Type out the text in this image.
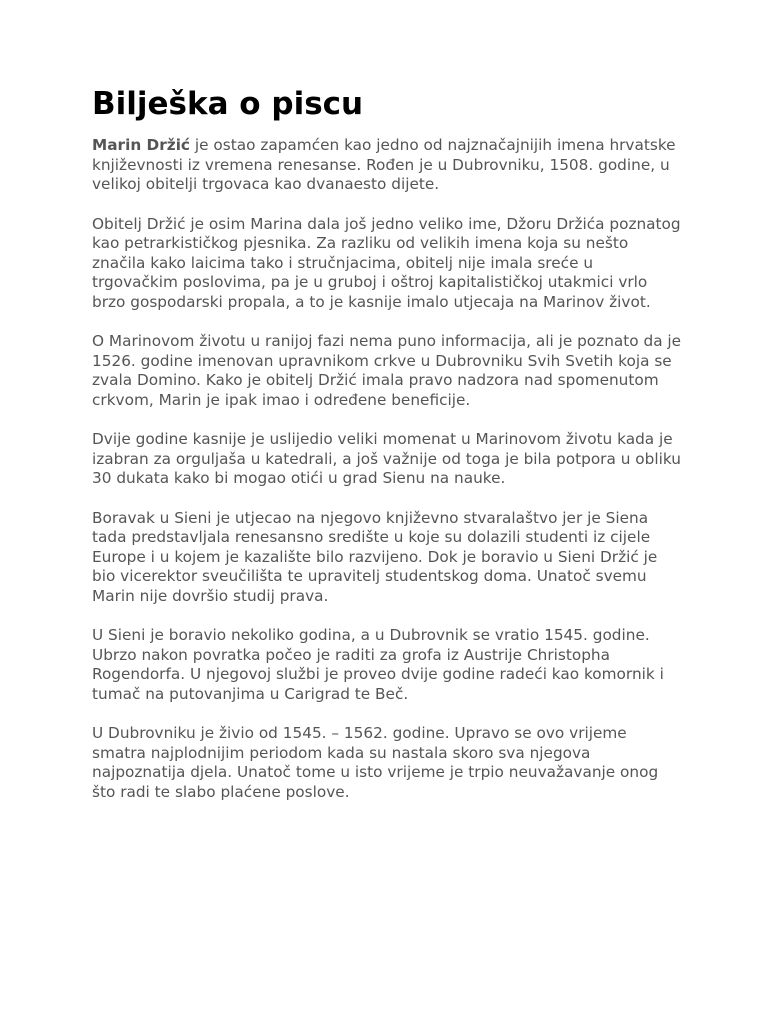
Bilješka o piscu

Marin Držić je ostao zapamćen kao jedno od najznačajnijih imena hrvatske književnosti iz vremena renesanse. Rođen je u Dubrovniku, 1508. godine, u velikoj obitelji trgovaca kao dvanaesto dijete.

Obitelj Držić je osim Marina dala još jedno veliko ime, Džoru Držića poznatog kao petrarkističkog pjesnika. Za razliku od velikih imena koja su nešto značila kako laicima tako i stručnjacima, obitelj nije imala sreće u trgovačkim poslovima, pa je u gruboj i oštroj kapitalističkoj utakmici vrlo brzo gospodarski propala, a to je kasnije imalo utjecaja na Marinov život.

O Marinovom životu u ranijoj fazi nema puno informacija, ali je poznato da je 1526. godine imenovan upravnikom crkve u Dubrovniku Svih Svetih koja se zvala Domino. Kako je obitelj Držić imala pravo nadzora nad spomenutom crkvom, Marin je ipak imao i određene beneficije.

Dvije godine kasnije je uslijedio veliki momenat u Marinovom životu kada je izabran za orguljaša u katedrali, a još važnije od toga je bila potpora u obliku 30 dukata kako bi mogao otići u grad Sienu na nauke.

Boravak u Sieni je utjecao na njegovo književno stvaralaštvo jer je Siena tada predstavljala renesansno središte u koje su dolazili studenti iz cijele Europe i u kojem je kazalište bilo razvijeno. Dok je boravio u Sieni Držić je bio vicerektor sveučilišta te upravitelj studentskog doma. Unatoč svemu Marin nije dovršio studij prava.

U Sieni je boravio nekoliko godina, a u Dubrovnik se vratio 1545. godine. Ubrzo nakon povratka počeo je raditi za grofa iz Austrije Christopha Rogendorfa. U njegovoj službi je proveo dvije godine radeći kao komornik i tumač na putovanjima u Carigrad te Beč.

U Dubrovniku je živio od 1545. – 1562. godine. Upravo se ovo vrijeme smatra najplodnijim periodom kada su nastala skoro sva njegova najpoznatija djela. Unatoč tome u isto vrijeme je trpio neuvažavanje onog što radi te slabo plaćene poslove.
